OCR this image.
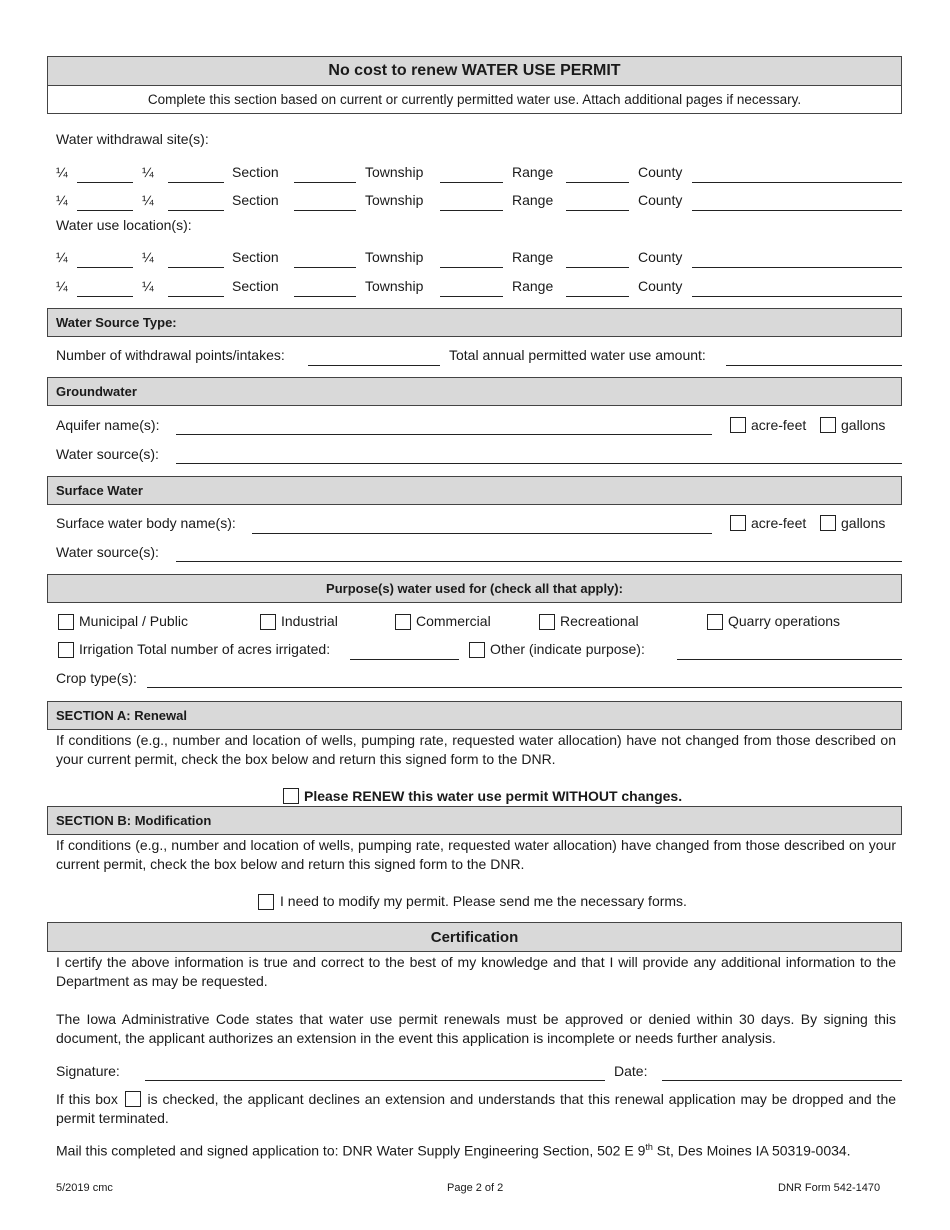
No cost to renew WATER USE PERMIT
Complete this section based on current or currently permitted water use. Attach additional pages if necessary.
Water withdrawal site(s):
¼	¼	Section	Township	Range	County
¼	¼	Section	Township	Range	County
¼	¼	Section	Township	Range	County
¼	¼	Section	Township	Range	County
Water use location(s):
Water Source Type:
Number of withdrawal points/intakes:	Total annual permitted water use amount:
Groundwater
Aquifer name(s):	acre-feet gallons
Water source(s):
Surface Water
Surface water body name(s):	acre-feet gallons
Water source(s):
Purpose(s) water used for (check all that apply):
Municipal / Public	Industrial	Commercial	Recreational	Quarry operations
Irrigation Total number of acres irrigated:	Other (indicate purpose):
Crop type(s):
SECTION A: Renewal
If conditions (e.g., number and location of wells, pumping rate, requested water allocation) have not changed from those described on your current permit, check the box below and return this signed form to the DNR.
Please RENEW this water use permit WITHOUT changes.
SECTION B: Modification
If conditions (e.g., number and location of wells, pumping rate, requested water allocation) have changed from those described on your current permit, check the box below and return this signed form to the DNR.
I need to modify my permit. Please send me the necessary forms.
Certification
I certify the above information is true and correct to the best of my knowledge and that I will provide any additional information to the Department as may be requested.
The Iowa Administrative Code states that water use permit renewals must be approved or denied within 30 days. By signing this document, the applicant authorizes an extension in the event this application is incomplete or needs further analysis.
Signature:	Date:
If this box is checked, the applicant declines an extension and understands that this renewal application may be dropped and the permit terminated.
Mail this completed and signed application to: DNR Water Supply Engineering Section, 502 E 9th St, Des Moines IA 50319-0034.
5/2019 cmc	Page 2 of 2	DNR Form 542-1470
